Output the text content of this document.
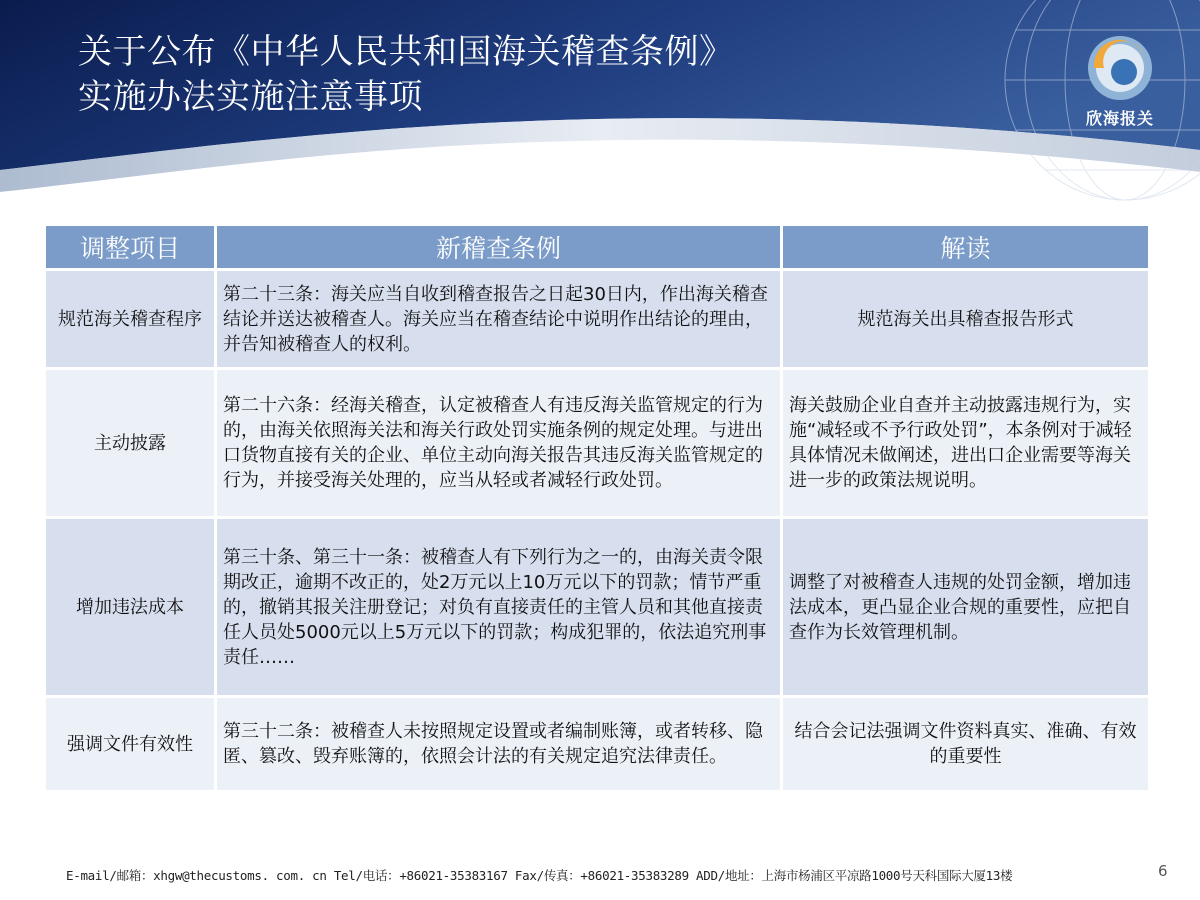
关于公布《中华人民共和国海关稽查条例》
实施办法实施注意事项
欣海报关
调整项目	新稽查条例	解读
规范海关稽查程序	第二十三条：海关应当自收到稽查报告之日起30日内，作出海关稽查结论并送达被稽查人。海关应当在稽查结论中说明作出结论的理由，并告知被稽查人的权利。	规范海关出具稽查报告形式
主动披露	第二十六条：经海关稽查，认定被稽查人有违反海关监管规定的行为的，由海关依照海关法和海关行政处罚实施条例的规定处理。与进出口货物直接有关的企业、单位主动向海关报告其违反海关监管规定的行为，并接受海关处理的，应当从轻或者减轻行政处罚。	海关鼓励企业自查并主动披露违规行为，实施“减轻或不予行政处罚”，本条例对于减轻具体情况未做阐述，进出口企业需要等海关进一步的政策法规说明。
增加违法成本	第三十条、第三十一条：被稽查人有下列行为之一的，由海关责令限期改正，逾期不改正的，处2万元以上10万元以下的罚款；情节严重的，撤销其报关注册登记；对负有直接责任的主管人员和其他直接责任人员处5000元以上5万元以下的罚款；构成犯罪的，依法追究刑事责任……	调整了对被稽查人违规的处罚金额，增加违法成本，更凸显企业合规的重要性，应把自查作为长效管理机制。
强调文件有效性	第三十二条：被稽查人未按照规定设置或者编制账簿，或者转移、隐匿、篡改、毁弃账簿的，依照会计法的有关规定追究法律责任。	结合会记法强调文件资料真实、准确、有效的重要性
E-mail/邮箱：xhgw@thecustoms. com. cn Tel/电话：+86021-35383167 Fax/传真：+86021-35383289 ADD/地址：上海市杨浦区平凉路1000号天科国际大厦13楼	6
